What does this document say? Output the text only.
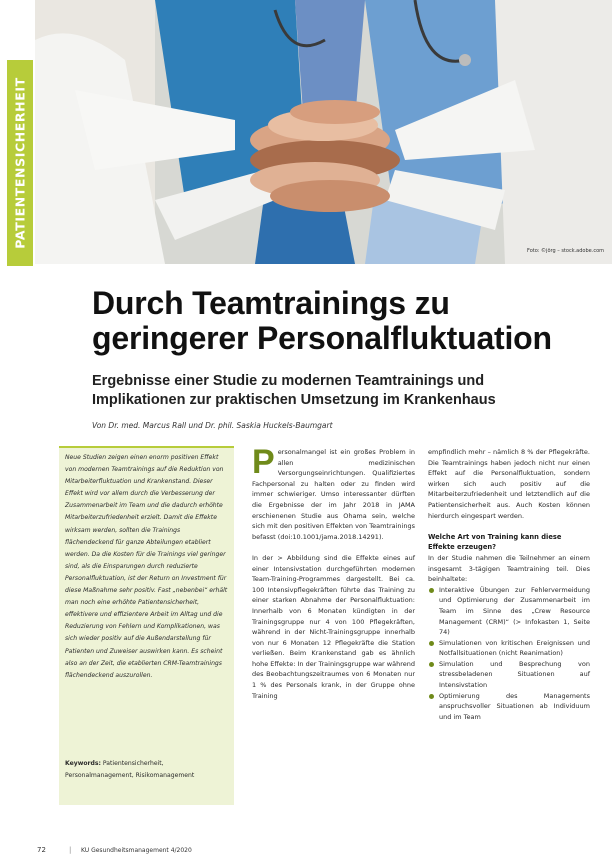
Foto: ©jörg – stock.adobe.com
PATIENTENSICHERHEIT
Durch Teamtrainings zu
geringerer Personalfluktuation
Ergebnisse einer Studie zu modernen Teamtrainings und
Implikationen zur praktischen Umsetzung im Krankenhaus
Von Dr. med. Marcus Rall und Dr. phil. Saskia Huckels-Baumgart
Neue Studien zeigen einen enorm positiven Effekt von modernen Teamtrainings auf die Reduktion von Mitarbeiterfluktuation und Krankenstand. Dieser Effekt wird vor allem durch die Verbesserung der Zusammenarbeit im Team und die dadurch erhöhte Mitarbeiterzufriedenheit erzielt. Damit die Effekte wirksam werden, sollten die Trainings flächendeckend für ganze Abteilungen etabliert werden. Da die Kosten für die Trainings viel geringer sind, als die Einsparungen durch reduzierte Personalfluktuation, ist der Return on Investment für diese Maßnahme sehr positiv. Fast „nebenbei“ erhält man noch eine erhöhte Patientensicherheit, effektivere und effizientere Arbeit im Alltag und die Reduzierung von Fehlern und Komplikationen, was sich wieder positiv auf die Außendarstellung für Patienten und Zuweiser auswirken kann. Es scheint also an der Zeit, die etablierten CRM-Teamtrainings flächendeckend auszurollen.
Keywords: Patientensicherheit, Personalmanagement, Risikomanagement

Personalmangel ist ein großes Problem in allen medizinischen Versorgungseinrichtungen. Qualifiziertes Fachpersonal zu halten oder zu finden wird immer schwieriger. Umso interessanter dürften die Ergebnisse der im Jahr 2018 in JAMA erschienenen Studie aus Ohama sein, welche sich mit den positiven Effekten von Teamtrainings befasst (doi:10.1001/jama.2018.14291).

In der > Abbildung sind die Effekte eines auf einer Intensivstation durchgeführten modernen Team-Training-Programmes dargestellt. Bei ca. 100 Intensivpflegekräften führte das Training zu einer starken Abnahme der Personalfluktuation: Innerhalb von 6 Monaten kündigten in der Trainingsgruppe nur 4 von 100 Pflegekräften, während in der Nicht-Trainingsgruppe innerhalb von nur 6 Monaten 12 Pflegekräfte die Station verließen. Beim Krankenstand gab es ähnlich hohe Effekte: In der Trainingsgruppe war während des Beobachtungszeitraumes von 6 Monaten nur 1 % des Personals krank, in der Gruppe ohne Training

empfindlich mehr – nämlich 8 % der Pflegekräfte. Die Teamtrainings haben jedoch nicht nur einen Effekt auf die Personalfluktuation, sondern wirken sich auch positiv auf die Mitarbeiterzufriedenheit und letztendlich auf die Patientensicherheit aus. Auch Kosten können hierdurch eingespart werden.

Welche Art von Training kann diese Effekte erzeugen?

In der Studie nahmen die Teilnehmer an einem insgesamt 3-tägigen Teamtraining teil. Dies beinhaltete:

Interaktive Übungen zur Fehlervermeidung und Optimierung der Zusammenarbeit im Team im Sinne des „Crew Resource Management (CRM)“ (> Infokasten 1, Seite 74)
Simulationen von kritischen Ereignissen und Notfallsituationen (nicht Reanimation)
Simulation und Besprechung von stressbeladenen Situationen auf Intensivstation
Optimierung des Managements anspruchsvoller Situationen ab Individuum und im Team
72	| KU Gesundheitsmanagement 4/2020
